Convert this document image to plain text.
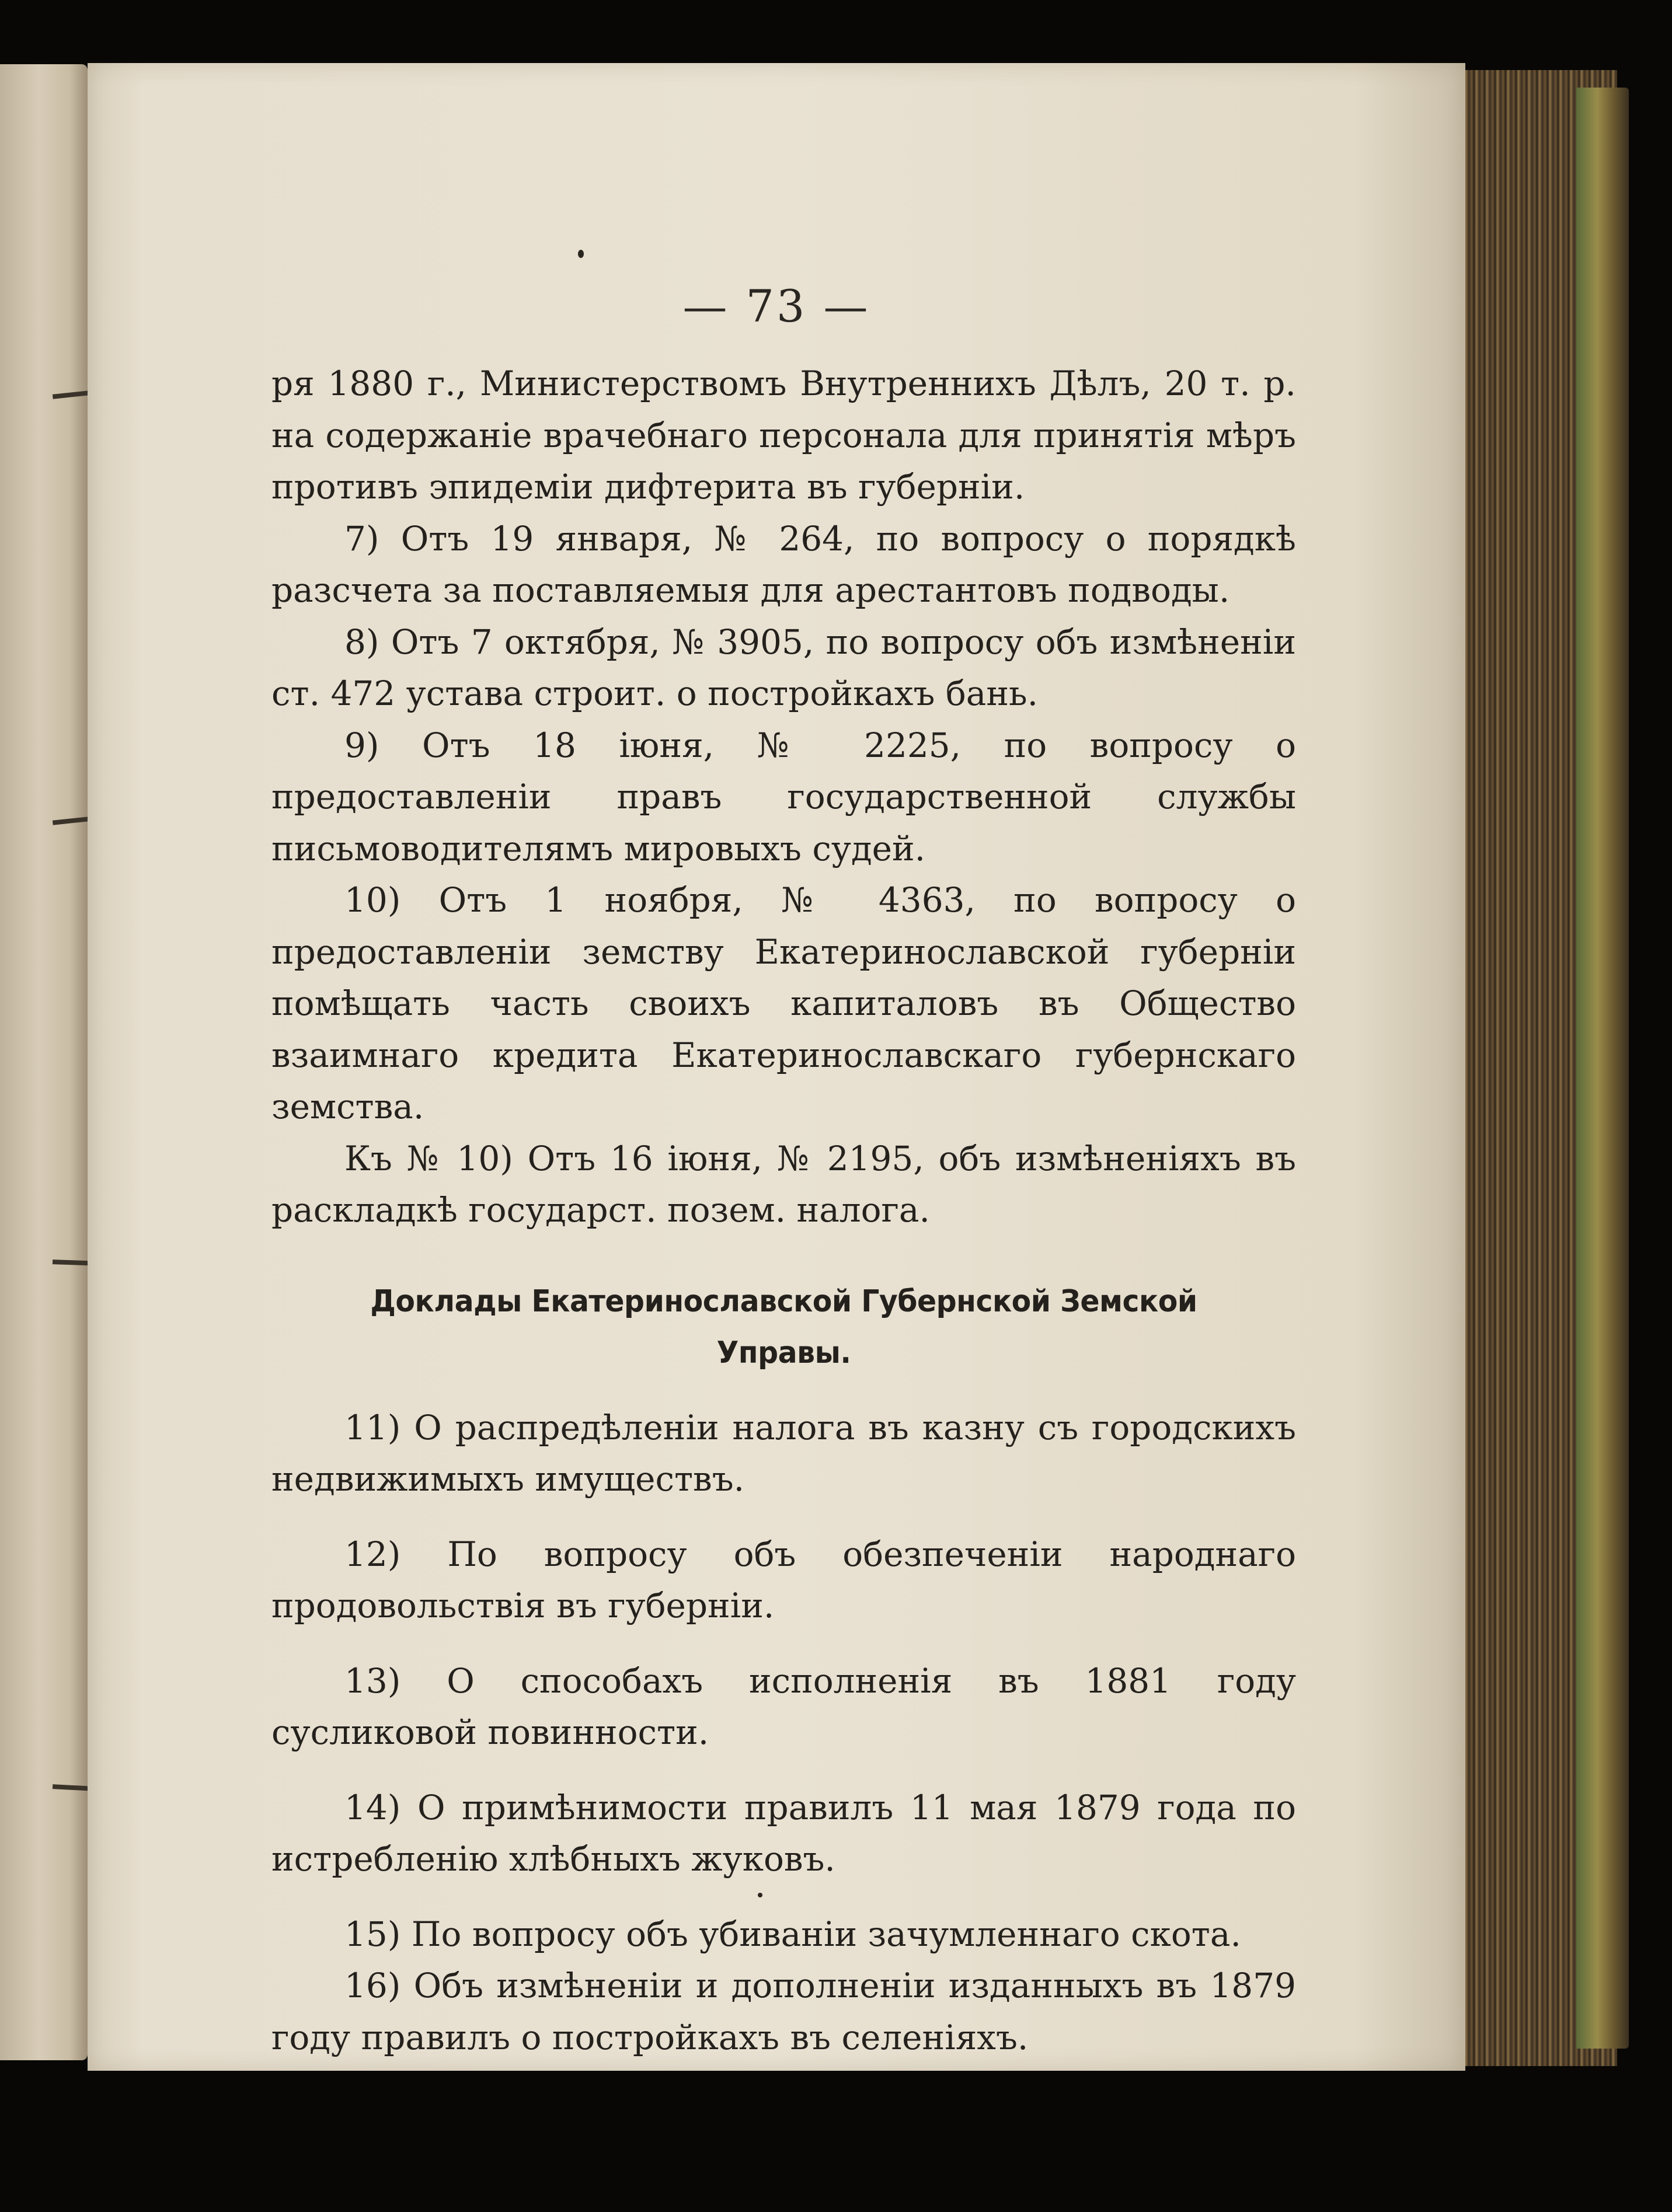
— 73 —

ря 1880 г., Министерствомъ Внутреннихъ Дѣлъ, 20 т. р. на содержаніе врачебнаго персонала для принятія мѣръ противъ эпидеміи дифтерита въ губерніи.

7) Отъ 19 января, № 264, по вопросу о порядкѣ разсчета за поставляемыя для арестантовъ подводы.

8) Отъ 7 октября, № 3905, по вопросу объ измѣненіи ст. 472 устава строит. о постройкахъ бань.

9) Отъ 18 іюня, № 2225, по вопросу о предоставленіи правъ государственной службы письмоводителямъ мировыхъ судей.

10) Отъ 1 ноября, № 4363, по вопросу о предоставленіи земству Екатеринославской губерніи помѣщать часть своихъ капиталовъ въ Общество взаимнаго кредита Екатеринославскаго губернскаго земства.

Къ № 10) Отъ 16 іюня, № 2195, объ измѣненіяхъ въ раскладкѣ государст. позем. налога.

Доклады Екатеринославской Губернской Земской Управы.

11) О распредѣленіи налога въ казну съ городскихъ недвижимыхъ имуществъ.

12) По вопросу объ обезпеченіи народнаго продовольствія въ губерніи.

13) О способахъ исполненія въ 1881 году сусликовой повинности.

14) О примѣнимости правилъ 11 мая 1879 года по истребленію хлѣбныхъ жуковъ.

15) По вопросу объ убиваніи зачумленнаго скота.

16) Объ измѣненіи и дополненіи изданныхъ въ 1879 году правилъ о постройкахъ въ селеніяхъ.
